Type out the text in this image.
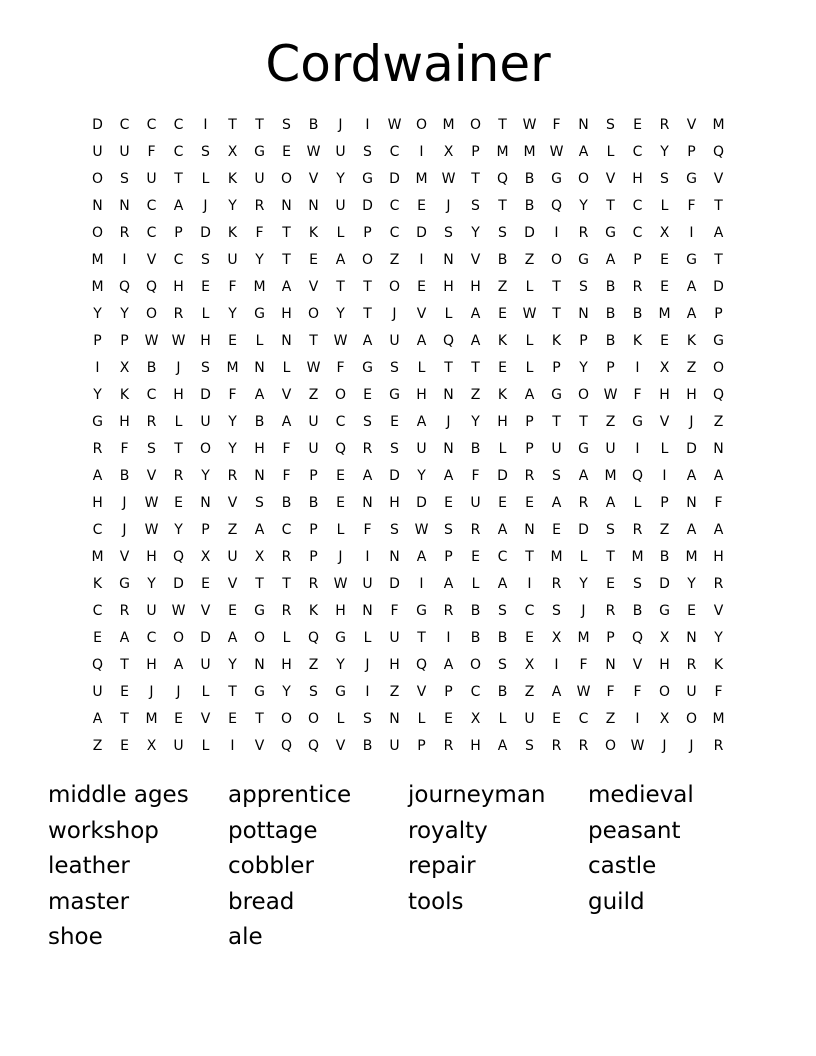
Cordwainer
D	C	C	C	I	T	T	S	B	J	I	W	O	M	O	T	W	F	N	S	E	R	V	M
U	U	F	C	S	X	G	E	W	U	S	C	I	X	P	M	M	W	A	L	C	Y	P	Q
O	S	U	T	L	K	U	O	V	Y	G	D	M	W	T	Q	B	G	O	V	H	S	G	V
N	N	C	A	J	Y	R	N	N	U	D	C	E	J	S	T	B	Q	Y	T	C	L	F	T
O	R	C	P	D	K	F	T	K	L	P	C	D	S	Y	S	D	I	R	G	C	X	I	A
M	I	V	C	S	U	Y	T	E	A	O	Z	I	N	V	B	Z	O	G	A	P	E	G	T
M	Q	Q	H	E	F	M	A	V	T	T	O	E	H	H	Z	L	T	S	B	R	E	A	D
Y	Y	O	R	L	Y	G	H	O	Y	T	J	V	L	A	E	W	T	N	B	B	M	A	P
P	P	W W	H	E	L	N	T	W	A	U	A	Q	A	K	L	K	P	B	K	E	K	G
I	X	B	J	S	M	N	L	W	F	G	S	L	T	T	E	L	P	Y	P	I	X	Z	O
Y	K	C	H	D	F	A	V	Z	O	E	G	H	N	Z	K	A	G	O	W	F	H	H	Q
G	H	R	L	U	Y	B	A	U	C	S	E	A	J	Y	H	P	T	T	Z	G	V	J	Z
R	F	S	T	O	Y	H	F	U	Q	R	S	U	N	B	L	P	U	G	U	I	L	D	N
A	B	V	R	Y	R	N	F	P	E	A	D	Y	A	F	D	R	S	A	M	Q	I	A	A
H	J	W	E	N	V	S	B	B	E	N	H	D	E	U	E	E	A	R	A	L	P	N	F
C	J	W	Y	P	Z	A	C	P	L	F	S	W	S	R	A	N	E	D	S	R	Z	A	A
M	V	H	Q	X	U	X	R	P	J	I	N	A	P	E	C	T	M	L	T	M	B	M	H
K	G	Y	D	E	V	T	T	R	W	U	D	I	A	L	A	I	R	Y	E	S	D	Y	R
C	R	U	W	V	E	G	R	K	H	N	F	G	R	B	S	C	S	J	R	B	G	E	V
E	A	C	O	D	A	O	L	Q	G	L	U	T	I	B	B	E	X	M	P	Q	X	N	Y
Q	T	H	A	U	Y	N	H	Z	Y	J	H	Q	A	O	S	X	I	F	N	V	H	R	K
U	E	J	J	L	T	G	Y	S	G	I	Z	V	P	C	B	Z	A	W	F	F	O	U	F
A	T	M	E	V	E	T	O	O	L	S	N	L	E	X	L	U	E	C	Z	I	X	O	M
Z	E	X	U	L	I	V	Q	Q	V	B	U	P	R	H	A	S	R	R	O	W	J	J	R
middle ages	apprentice	journeyman	medieval
workshop	pottage	royalty	peasant
leather	cobbler	repair	castle
master	bread	tools	guild
shoe	ale
